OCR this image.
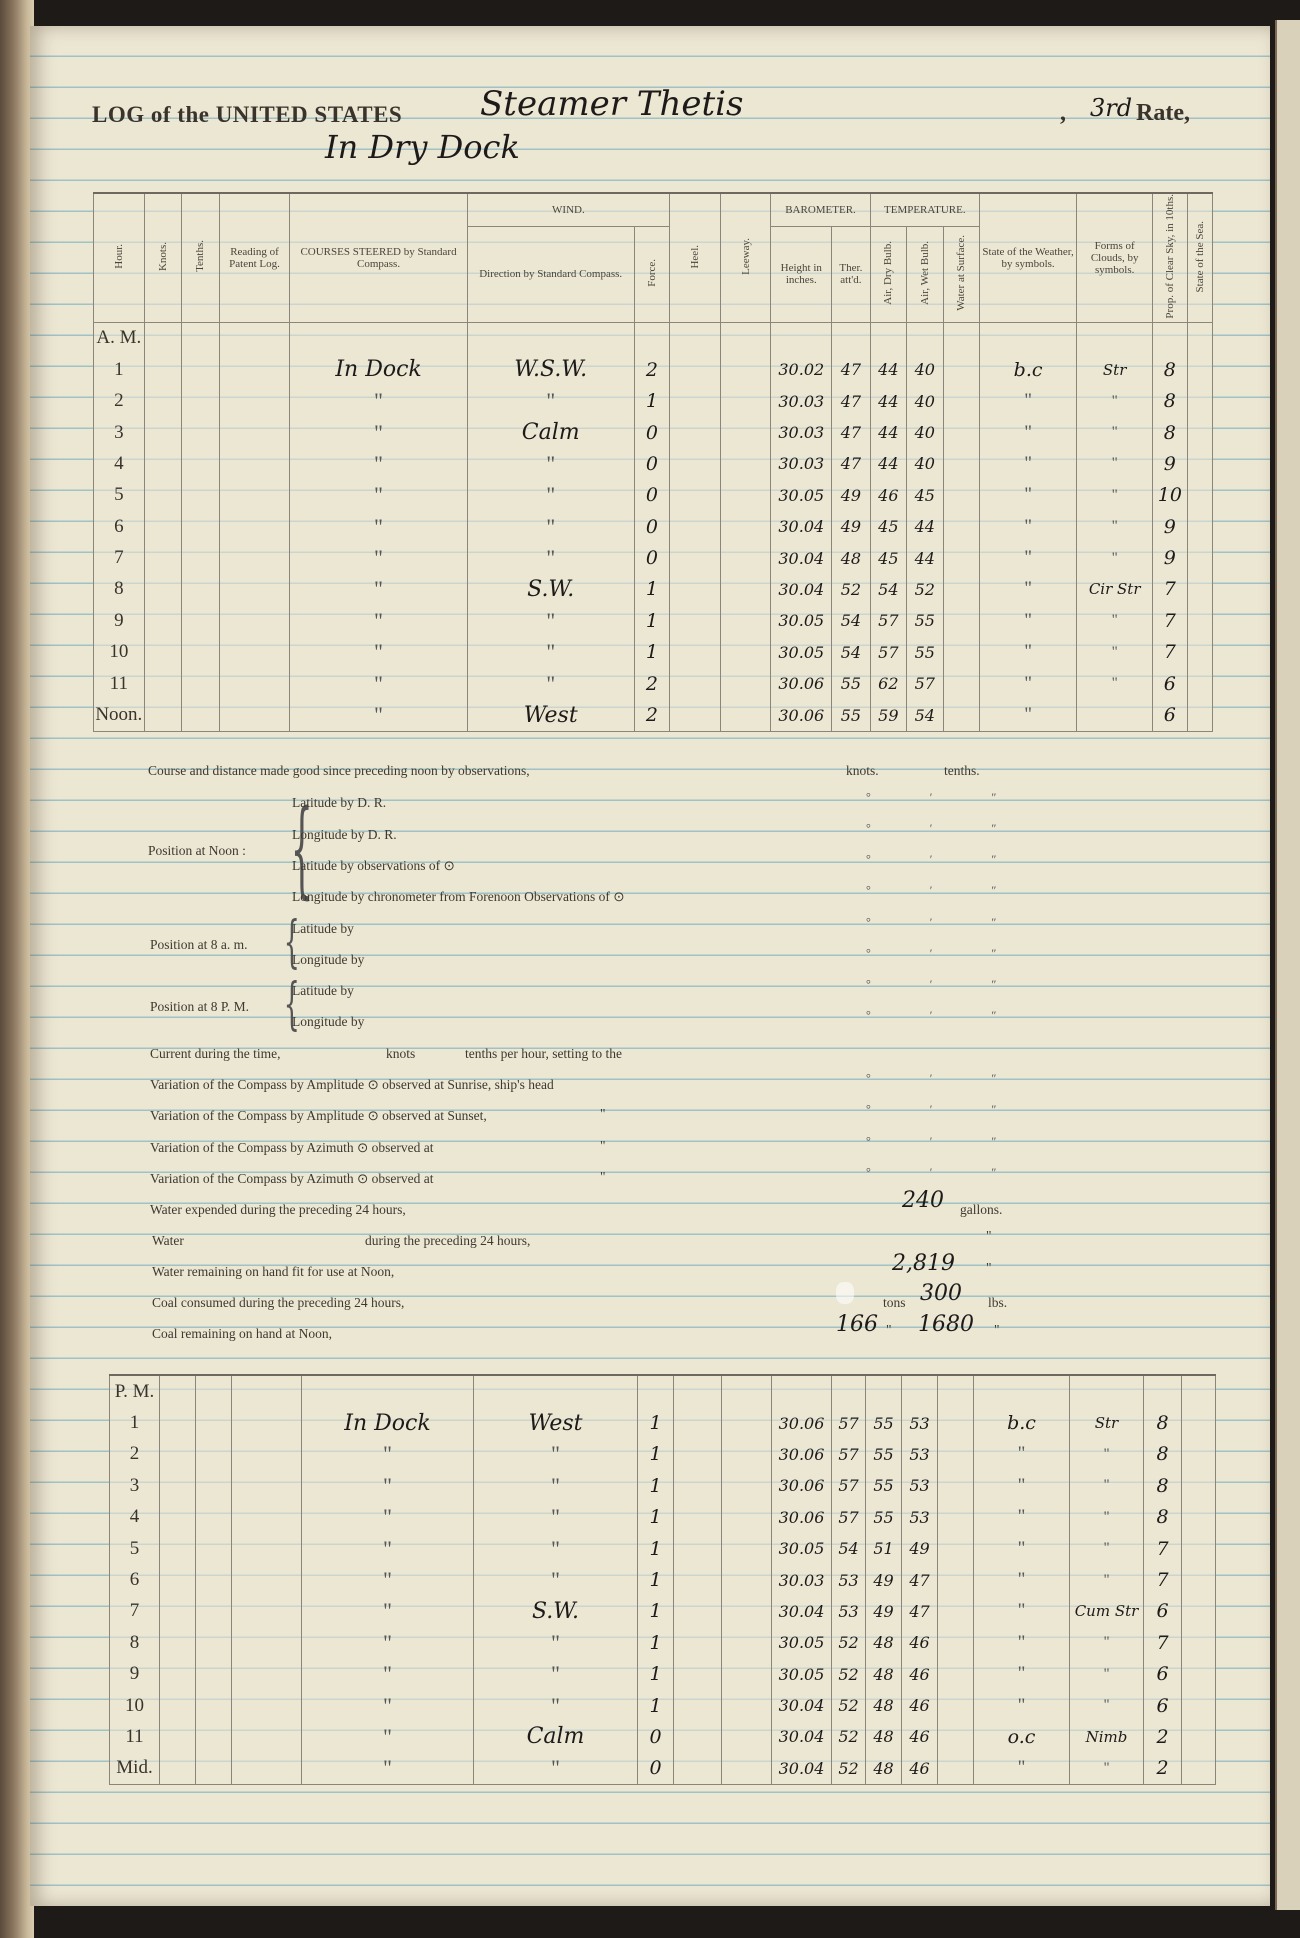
LOG of the UNITED STATES Steamer Thetis
In Dry Dock
,	Rate,
3rd
Hour.	Knots.	Tenths.	Reading of Patent Log.	COURSES STEERED by Standard Compass.	WIND.		Heel.	Leeway.	BAROMETER.		TEMPERATURE.			State of the Weather, by symbols.	Forms of Clouds, by symbols.	Prop. of Clear Sky, in 10ths.	State of the Sea.
					Direction by Standard Compass.	Force.			Height in inches.	Ther. att'd.	Air, Dry Bulb.	Air, Wet Bulb.	Water at Surface.				
A. M.																	
1				In Dock	W.S.W.	2			30.02	47	44	40		b.c	Str	8	
2				"	"	1			30.03	47	44	40		"	"	8	
3				"	Calm	0			30.03	47	44	40		"	"	8	
4				"	"	0			30.03	47	44	40		"	"	9	
5				"	"	0			30.05	49	46	45		"	"	10	
6				"	"	0			30.04	49	45	44		"	"	9	
7				"	"	0			30.04	48	45	44		"	"	9	
8				"	S.W.	1			30.04	52	54	52		"	Cir Str	7	
9				"	"	1			30.05	54	57	55		"	"	7	
10				"	"	1			30.05	54	57	55		"	"	7	
11				"	"	2			30.06	55	62	57		"	"	6	
Noon.				"	West	2			30.06	55	59	54		"		6	
Course and distance made good since preceding noon by observations,	knots.	tenths.
Position at Noon : {
Latitude by D. R.
Longitude by D. R.
Latitude by observations of ⊙
Longitude by chronometer from Forenoon Observations of ⊙
Position at 8 a. m. {
Latitude by
Longitude by
Position at 8 P. M. {
Latitude by
Longitude by
Current during the time,	knots	tenths per hour, setting to the
Variation of the Compass by Amplitude ⊙ observed at Sunrise, ship's head
Variation of the Compass by Amplitude ⊙ observed at Sunset,	"
Variation of the Compass by Azimuth ⊙ observed at	"
Variation of the Compass by Azimuth ⊙ observed at	"
° ′ ″
° ′ ″
° ′ ″
° ′ ″
° ′ ″
° ′ ″
° ′ ″
° ′ ″
° ′ ″
° ′ ″
° ′ ″
° ′ ″
Water expended during the preceding 24 hours,	240 gallons.
Water	during the preceding 24 hours,	"
Water remaining on hand fit for use at Noon,	2,819 "
Coal consumed during the preceding 24 hours,	tons 300 lbs.
Coal remaining on hand at Noon,	166 " 1680 "
P. M.																	
1				In Dock	West	1			30.06	57	55	53		b.c	Str	8	
2				"	"	1			30.06	57	55	53		"	"	8	
3				"	"	1			30.06	57	55	53		"	"	8	
4				"	"	1			30.06	57	55	53		"	"	8	
5				"	"	1			30.05	54	51	49		"	"	7	
6				"	"	1			30.03	53	49	47		"	"	7	
7				"	S.W.	1			30.04	53	49	47		"	Cum Str	6	
8				"	"	1			30.05	52	48	46		"	"	7	
9				"	"	1			30.05	52	48	46		"	"	6	
10				"	"	1			30.04	52	48	46		"	"	6	
11				"	Calm	0			30.04	52	48	46		o.c	Nimb	2	
Mid.				"	"	0			30.04	52	48	46		"	"	2	
